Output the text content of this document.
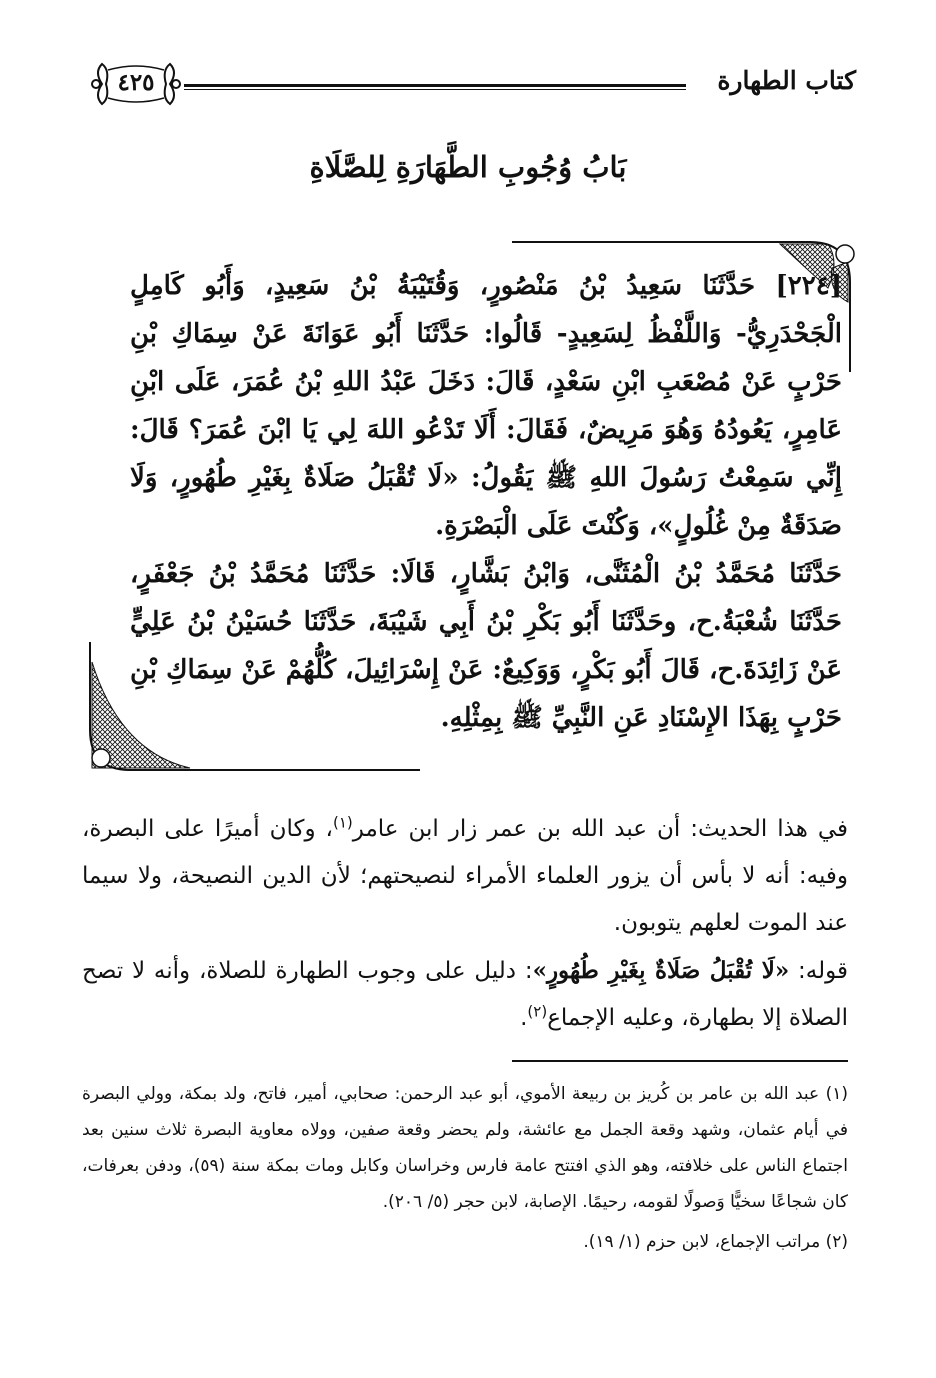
كتاب الطهارة
٤٢٥
بَابُ وُجُوبِ الطَّهَارَةِ لِلصَّلَاةِ

[٢٢٤] حَدَّثَنَا سَعِيدُ بْنُ مَنْصُورٍ، وَقُتَيْبَةُ بْنُ سَعِيدٍ، وَأَبُو كَامِلٍ الْجَحْدَرِيُّ- وَاللَّفْظُ لِسَعِيدٍ- قَالُوا: حَدَّثَنَا أَبُو عَوَانَةَ عَنْ سِمَاكِ بْنِ حَرْبٍ عَنْ مُصْعَبِ ابْنِ سَعْدٍ، قَالَ: دَخَلَ عَبْدُ اللهِ بْنُ عُمَرَ، عَلَى ابْنِ عَامِرٍ، يَعُودُهُ وَهُوَ مَرِيضٌ، فَقَالَ: أَلَا تَدْعُو اللهَ لِي يَا ابْنَ عُمَرَ؟ قَالَ: إِنِّي سَمِعْتُ رَسُولَ اللهِ ﷺ يَقُولُ: «لَا تُقْبَلُ صَلَاةٌ بِغَيْرِ طُهُورٍ، وَلَا صَدَقَةٌ مِنْ غُلُولٍ»، وَكُنْتَ عَلَى الْبَصْرَةِ.

حَدَّثَنَا مُحَمَّدُ بْنُ الْمُثَنَّى، وَابْنُ بَشَّارٍ، قَالَا: حَدَّثَنَا مُحَمَّدُ بْنُ جَعْفَرٍ، حَدَّثَنَا شُعْبَةُ.ح، وحَدَّثَنَا أَبُو بَكْرِ بْنُ أَبِي شَيْبَةَ، حَدَّثَنَا حُسَيْنُ بْنُ عَلِيٍّ عَنْ زَائِدَةَ.ح، قَالَ أَبُو بَكْرٍ، وَوَكِيعٌ: عَنْ إِسْرَائِيلَ، كُلُّهُمْ عَنْ سِمَاكِ بْنِ حَرْبٍ بِهَذَا الإِسْنَادِ عَنِ النَّبِيِّ ﷺ بِمِثْلِهِ.

في هذا الحديث: أن عبد الله بن عمر زار ابن عامر$^{(١)}$، وكان أميرًا على البصرة، وفيه: أنه لا بأس أن يزور العلماء الأمراء لنصيحتهم؛ لأن الدين النصيحة، ولا سيما عند الموت لعلهم يتوبون.

قوله: «لَا تُقْبَلُ صَلَاةٌ بِغَيْرِ طُهُورٍ»: دليل على وجوب الطهارة للصلاة، وأنه لا تصح الصلاة إلا بطهارة، وعليه الإجماع$^{(٢)}$.

(١) عبد الله بن عامر بن كُريز بن ربيعة الأموي، أبو عبد الرحمن: صحابي، أمير، فاتح، ولد بمكة، وولي البصرة في أيام عثمان، وشهد وقعة الجمل مع عائشة، ولم يحضر وقعة صفين، وولاه معاوية البصرة ثلاث سنين بعد اجتماع الناس على خلافته، وهو الذي افتتح عامة فارس وخراسان وكابل ومات بمكة سنة (٥٩)، ودفن بعرفات، كان شجاعًا سخيًّا وَصولًا لقومه، رحيمًا. الإصابة، لابن حجر (٥/ ٢٠٦).

(٢) مراتب الإجماع، لابن حزم (١/ ١٩).
